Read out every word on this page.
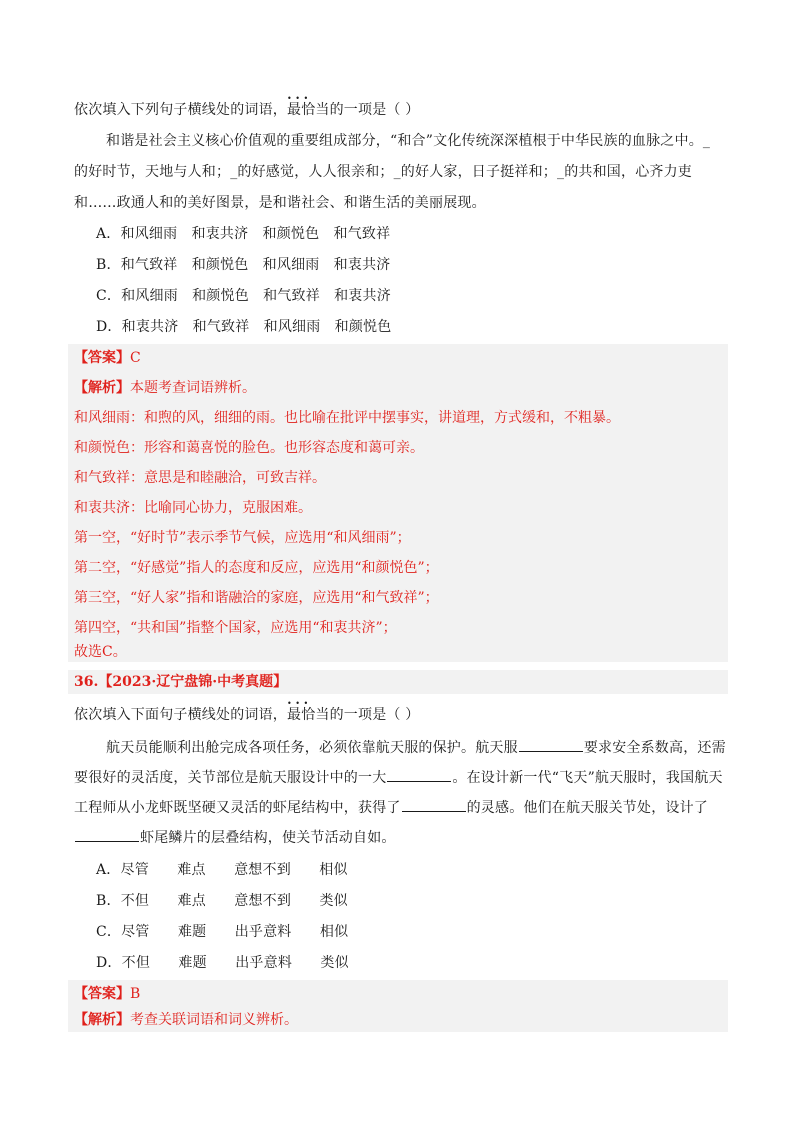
依次填入下列句子横线处的词语，• • • 最恰当的一项是（ ）
和谐是社会主义核心价值观的重要组成部分，“和合”文化传统深深植根于中华民族的血脉之中。_
的好时节，天地与人和；_的好感觉，人人很亲和；_的好人家，日子挺祥和；_的共和国，心齐力吏
和……政通人和的美好图景，是和谐社会、和谐生活的美丽展现。
A．和风细雨　和衷共济　和颜悦色　和气致祥
B．和气致祥　和颜悦色　和风细雨　和衷共济
C．和风细雨　和颜悦色　和气致祥　和衷共济
D．和衷共济　和气致祥　和风细雨　和颜悦色
【答案】C
【解析】本题考查词语辨析。
和风细雨：和煦的风，细细的雨。也比喻在批评中摆事实，讲道理，方式缓和，不粗暴。
和颜悦色：形容和蔼喜悦的脸色。也形容态度和蔼可亲。
和气致祥：意思是和睦融洽，可致吉祥。
和衷共济：比喻同心协力，克服困难。
第一空，“好时节”表示季节气候，应选用“和风细雨”；
第二空，“好感觉”指人的态度和反应，应选用“和颜悦色”；
第三空，“好人家”指和谐融洽的家庭，应选用“和气致祥”；
第四空，“共和国”指整个国家，应选用“和衷共济”；
故选C。
36.【2023·辽宁盘锦·中考真题】
依次填入下面句子横线处的词语，• • • 最恰当的一项是（ ）
航天员能顺利出舱完成各项任务，必须依靠航天服的保护。航天服	要求安全系数高，还需
要很好的灵活度，关节部位是航天服设计中的一大	。在设计新一代“飞天”航天服时，我国航天
工程师从小龙虾既坚硬又灵活的虾尾结构中，获得了	的灵感。他们在航天服关节处，设计了
虾尾鳞片的层叠结构，使关节活动自如。
A．尽管　　难点　　意想不到　　相似
B．不但　　难点　　意想不到　　类似
C．尽管　　难题　　出乎意料　　相似
D．不但　　难题　　出乎意料　　类似
【答案】B
【解析】考查关联词语和词义辨析。
